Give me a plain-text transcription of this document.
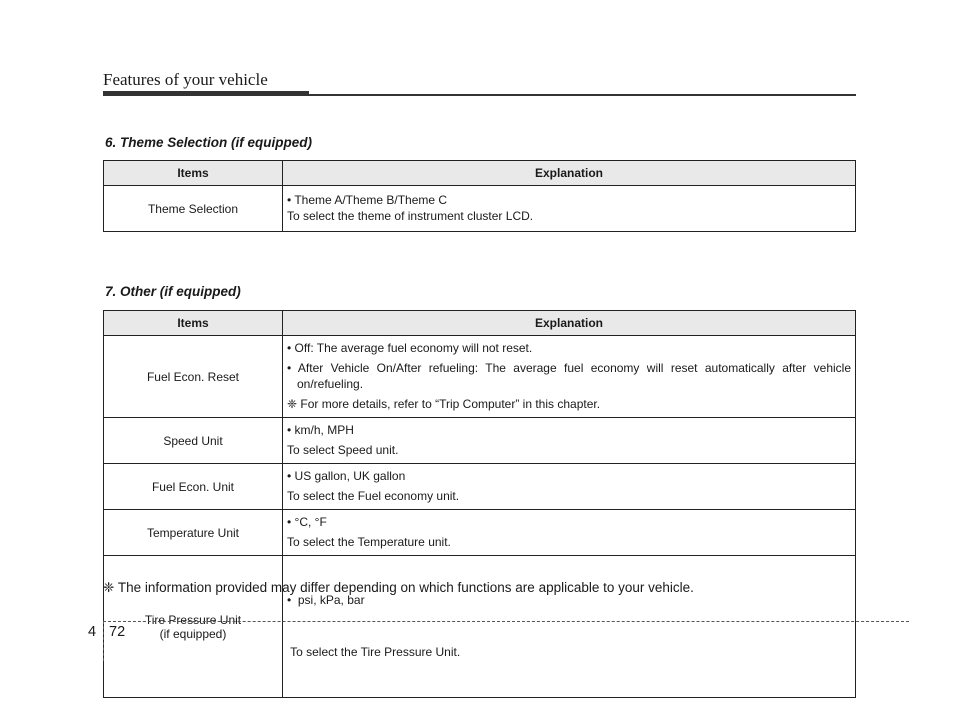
Features of your vehicle
6. Theme Selection (if equipped)
Items	Explanation
Theme Selection	• Theme A/Theme B/Theme C
To select the theme of instrument cluster LCD.
7. Other (if equipped)
Items	Explanation
Fuel Econ. Reset	• Off: The average fuel economy will not reset.
• After Vehicle On/After refueling: The average fuel economy will reset automatically after vehicle on/refueling.
❈ For more details, refer to “Trip Computer” in this chapter.

Speed Unit	• km/h, MPH
To select Speed unit.

Fuel Econ. Unit	• US gallon, UK gallon
To select the Fuel economy unit.

Temperature Unit	• °C, °F
To select the Temperature unit.

Tire Pressure Unit
(if equipped)	•  psi, kPa, bar

To select the Tire Pressure Unit.

❈ The information provided may differ depending on which functions are applicable to your vehicle.
4 72
